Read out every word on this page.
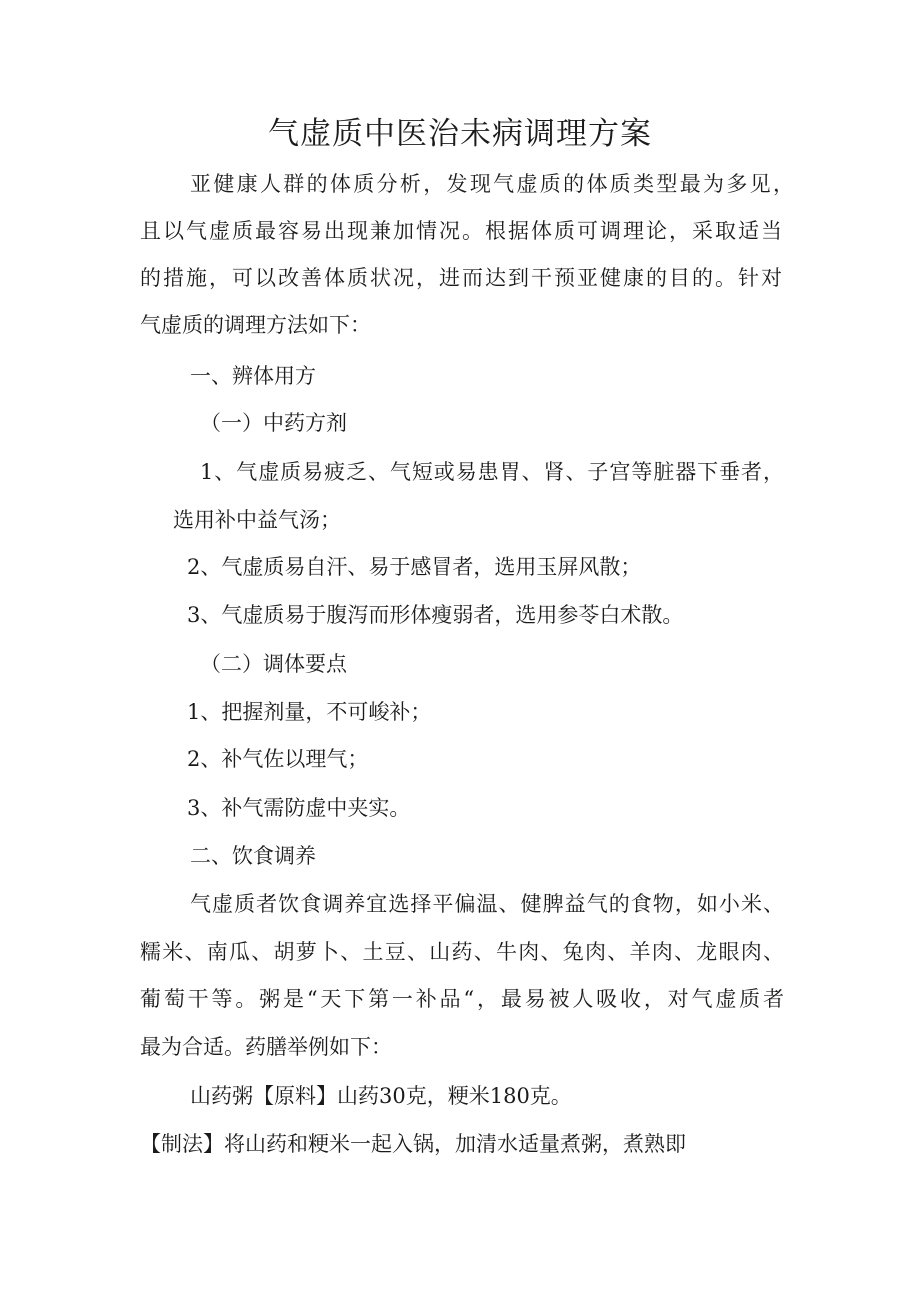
气虚质中医治未病调理方案
亚健康人群的体质分析，发现气虚质的体质类型最为多见，
且以气虚质最容易出现兼加情况。根据体质可调理论，采取适当
的措施，可以改善体质状况，进而达到干预亚健康的目的。针对
气虚质的调理方法如下：
一、辨体用方
（一）中药方剂
1、气虚质易疲乏、气短或易患胃、肾、子宫等脏器下垂者，
选用补中益气汤；
2、气虚质易自汗、易于感冒者，选用玉屏风散；
3、气虚质易于腹泻而形体瘦弱者，选用参苓白术散。
（二）调体要点
1、把握剂量，不可峻补；
2、补气佐以理气；
3、补气需防虚中夹实。
二、饮食调养
气虚质者饮食调养宜选择平偏温、健脾益气的食物，如小米、
糯米、南瓜、胡萝卜、土豆、山药、牛肉、兔肉、羊肉、龙眼肉、
葡萄干等。粥是“天下第一补品“，最易被人吸收，对气虚质者
最为合适。药膳举例如下：
山药粥【原料】山药30克，粳米180克。
【制法】将山药和粳米一起入锅，加清水适量煮粥，煮熟即
